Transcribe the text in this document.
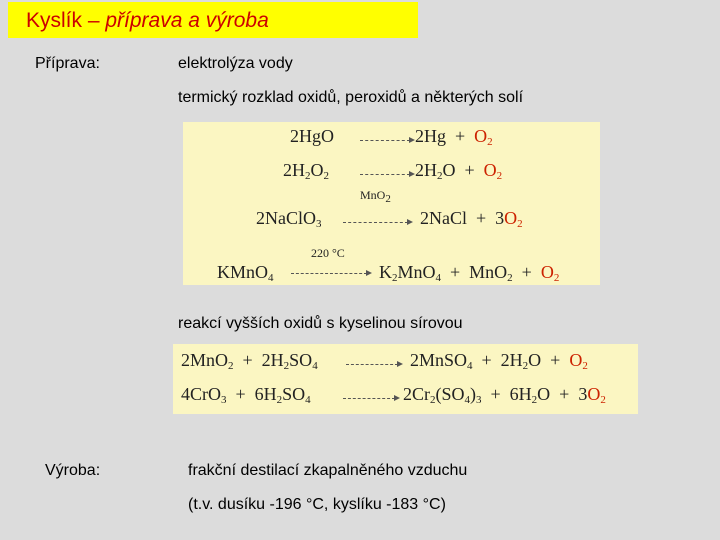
Kyslík – příprava a výroba
Příprava:	elektrolýza vody
termický rozklad oxidů, peroxidů a některých solí
2HgO	$2Hg + O_2$
$2H_2O_2$	$2H_2O + O_2$
MnO$_2$
2NaClO$_3$	2NaCl  +  $3O_2$
220 °C
KMnO$_4$	$K_2MnO_4 + MnO_2 + O_2$
reakcí vyšších oxidů s kyselinou sírovou
$2MnO_2 + 2H_2SO_4$	2MnSO$_4$  +  $2H_2O + O_2$
$4CrO_3 + 6H_2SO_4$	$2Cr_2(SO_4)_3 + 6H_2O + 3O_2$
Výroba:	frakční destilací zkapalněného vzduchu
(t.v. dusíku -196 °C, kyslíku -183 °C)
